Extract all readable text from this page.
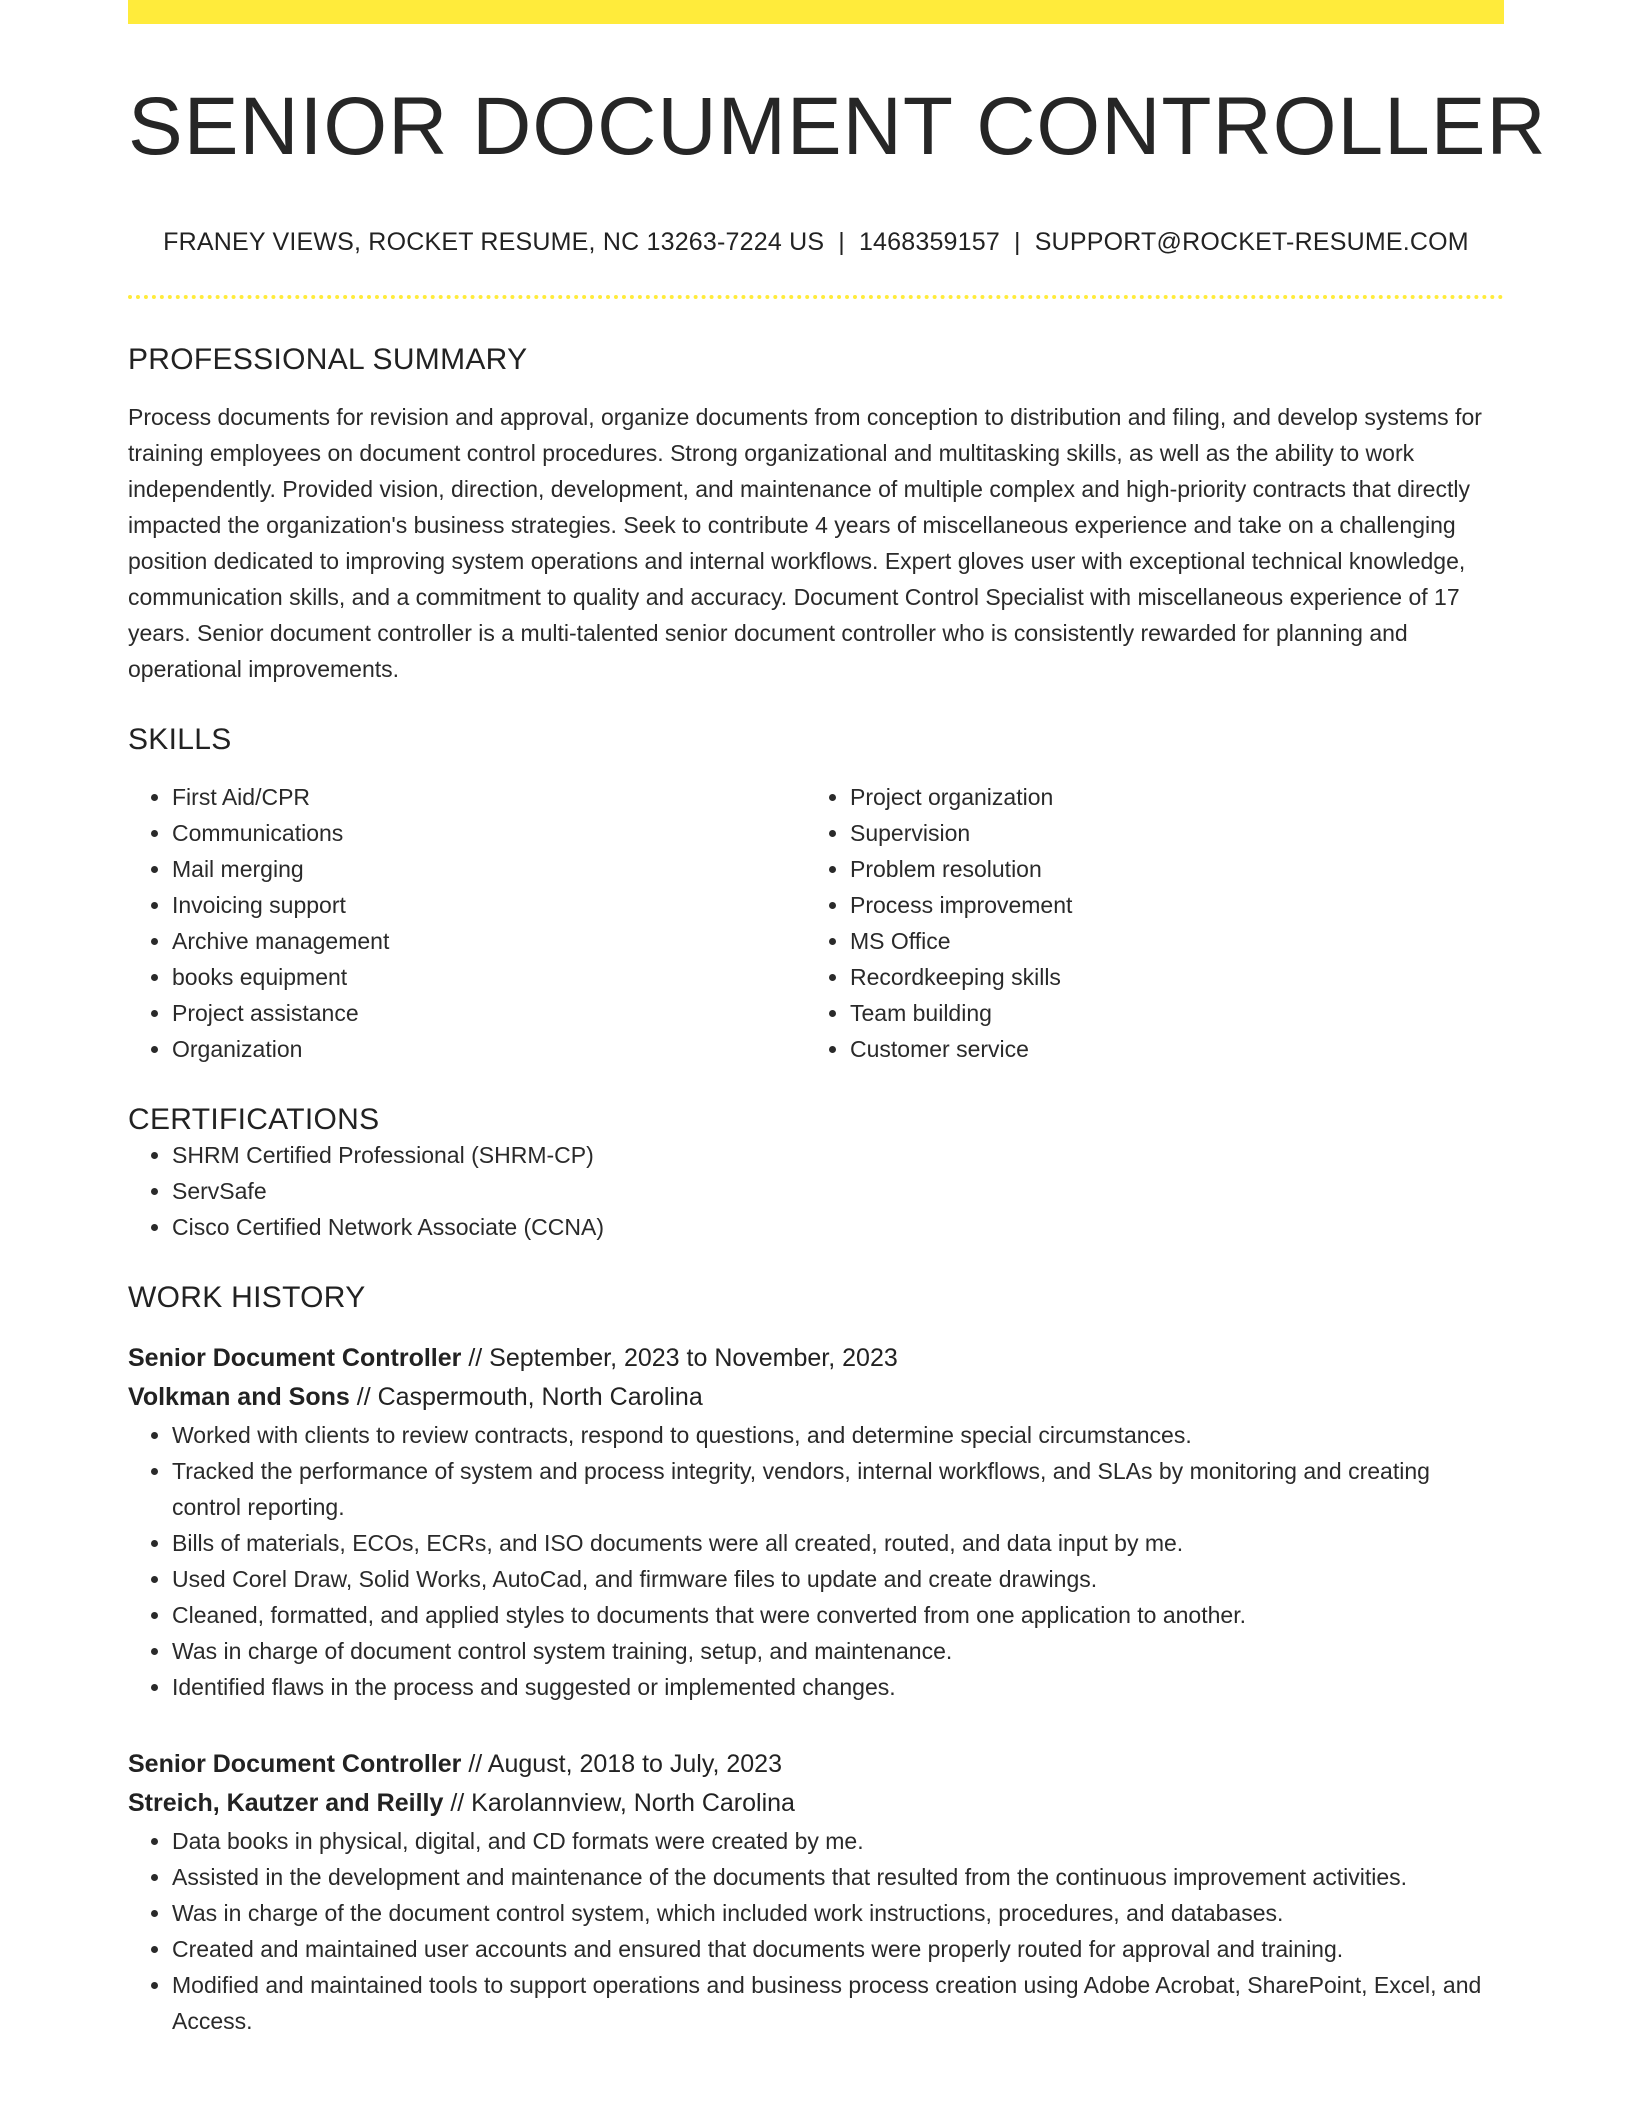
SENIOR DOCUMENT CONTROLLER
FRANEY VIEWS, ROCKET RESUME, NC 13263-7224 US | 1468359157 | SUPPORT@ROCKET-RESUME.COM
PROFESSIONAL SUMMARY

Process documents for revision and approval, organize documents from conception to distribution and filing, and develop systems for training employees on document control procedures. Strong organizational and multitasking skills, as well as the ability to work independently. Provided vision, direction, development, and maintenance of multiple complex and high-priority contracts that directly impacted the organization's business strategies. Seek to contribute 4 years of miscellaneous experience and take on a challenging position dedicated to improving system operations and internal workflows. Expert gloves user with exceptional technical knowledge, communication skills, and a commitment to quality and accuracy. Document Control Specialist with miscellaneous experience of 17 years. Senior document controller is a multi-talented senior document controller who is consistently rewarded for planning and operational improvements.

SKILLS
• First Aid/CPR
• Communications
• Mail merging
• Invoicing support
• Archive management
• books equipment
• Project assistance
• Organization
• Project organization
• Supervision
• Problem resolution
• Process improvement
• MS Office
• Recordkeeping skills
• Team building
• Customer service
CERTIFICATIONS
• SHRM Certified Professional (SHRM-CP)
• ServSafe
• Cisco Certified Network Associate (CCNA)
WORK HISTORY
Senior Document Controller // September, 2023 to November, 2023
Volkman and Sons // Caspermouth, North Carolina
• Worked with clients to review contracts, respond to questions, and determine special circumstances.
• Tracked the performance of system and process integrity, vendors, internal workflows, and SLAs by monitoring and creating control reporting.
• Bills of materials, ECOs, ECRs, and ISO documents were all created, routed, and data input by me.
• Used Corel Draw, Solid Works, AutoCad, and firmware files to update and create drawings.
• Cleaned, formatted, and applied styles to documents that were converted from one application to another.
• Was in charge of document control system training, setup, and maintenance.
• Identified flaws in the process and suggested or implemented changes.
Senior Document Controller // August, 2018 to July, 2023
Streich, Kautzer and Reilly // Karolannview, North Carolina
• Data books in physical, digital, and CD formats were created by me.
• Assisted in the development and maintenance of the documents that resulted from the continuous improvement activities.
• Was in charge of the document control system, which included work instructions, procedures, and databases.
• Created and maintained user accounts and ensured that documents were properly routed for approval and training.
• Modified and maintained tools to support operations and business process creation using Adobe Acrobat, SharePoint, Excel, and Access.
